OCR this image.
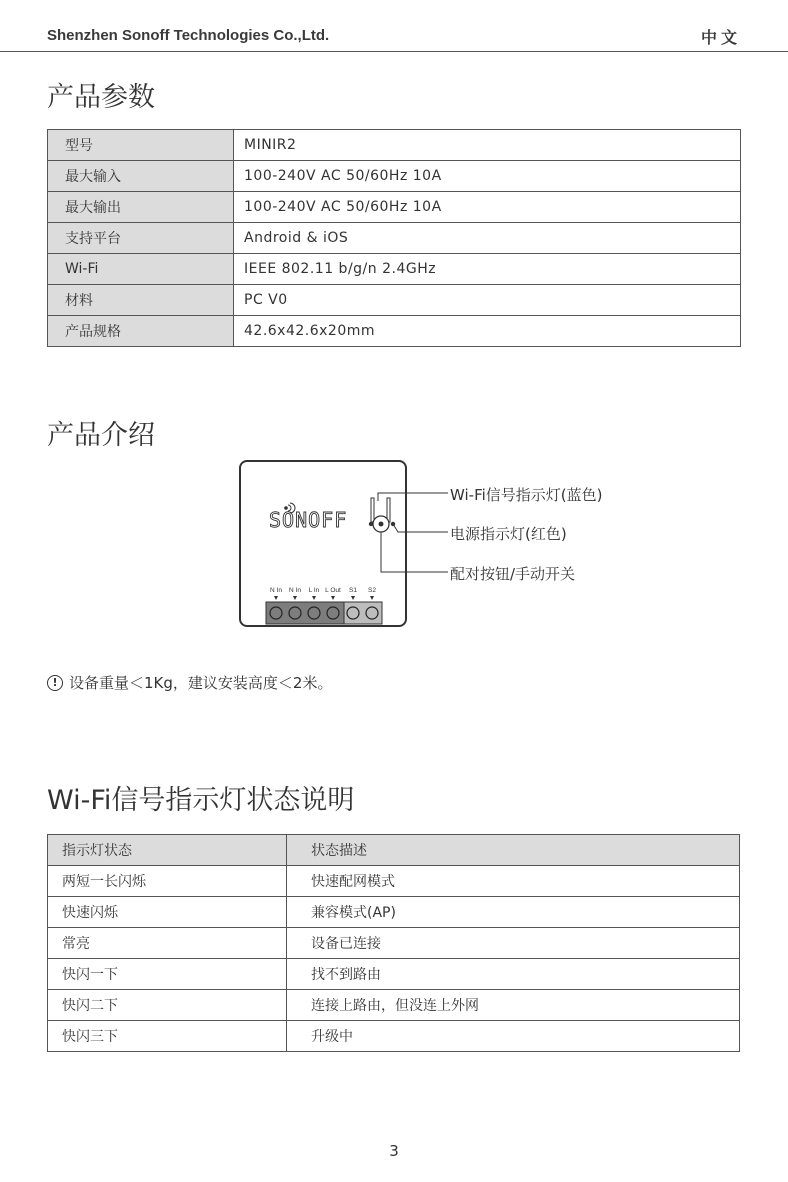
Shenzhen Sonoff Technologies Co.,Ltd.	中文
产品参数
型号	MINIR2
最大输入	100-240V AC 50/60Hz 10A
最大输出	100-240V AC 50/60Hz 10A
支持平台	Android & iOS
Wi-Fi	IEEE 802.11 b/g/n 2.4GHz
材料	PC V0
产品规格	42.6x42.6x20mm
产品介绍
SONOFF
N In N In L In L Out S1 S2
Wi-Fi信号指示灯(蓝色)
电源指示灯(红色)
配对按钮/手动开关
! 设备重量＜1Kg，建议安装高度＜2米。
Wi-Fi信号指示灯状态说明
指示灯状态	状态描述
两短一长闪烁	快速配网模式
快速闪烁	兼容模式(AP)
常亮	设备已连接
快闪一下	找不到路由
快闪二下	连接上路由，但没连上外网
快闪三下	升级中
3
